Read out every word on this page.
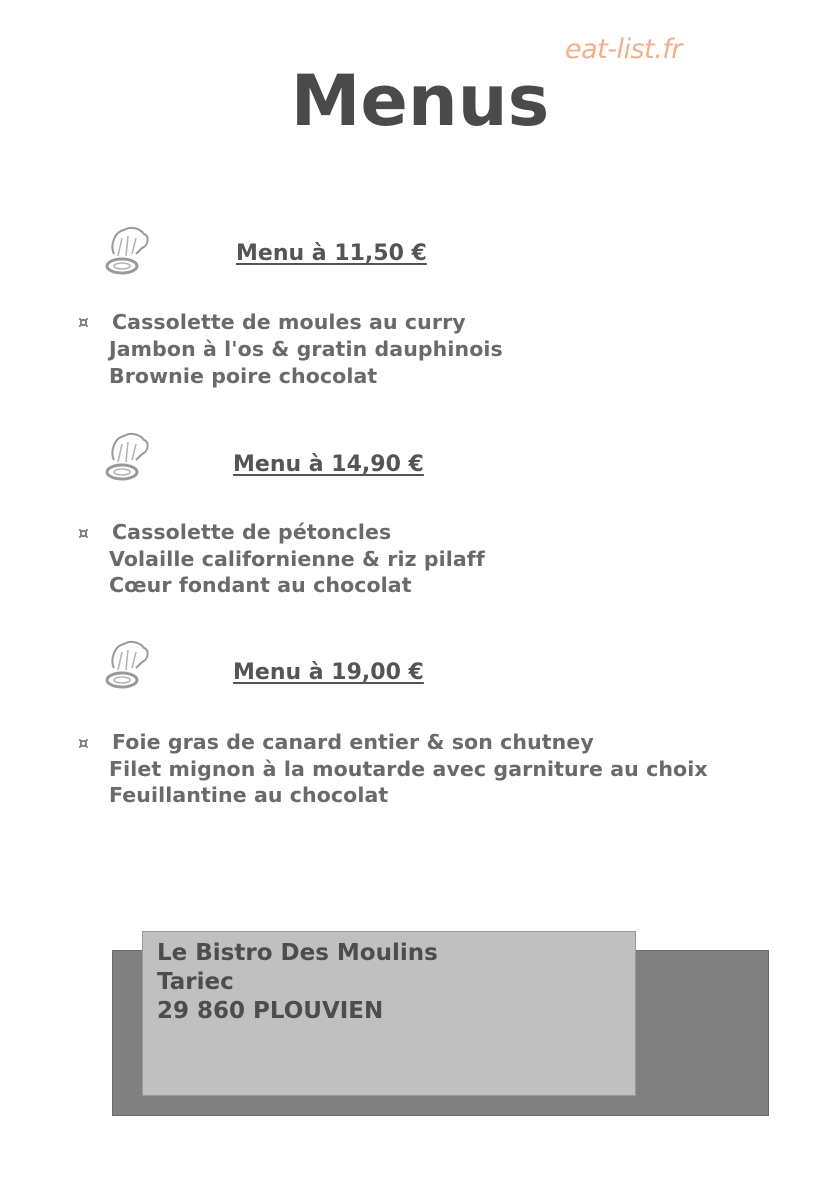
eat-list.fr
Menus
Menu à 11,50 €
¤ Cassolette de moules au curry
Jambon à l'os & gratin dauphinois
Brownie poire chocolat
Menu à 14,90 €
¤ Cassolette de pétoncles
Volaille californienne & riz pilaff
Cœur fondant au chocolat
Menu à 19,00 €
¤ Foie gras de canard entier & son chutney
Filet mignon à la moutarde avec garniture au choix
Feuillantine au chocolat
Le Bistro Des Moulins
Tariec
29 860 PLOUVIEN
